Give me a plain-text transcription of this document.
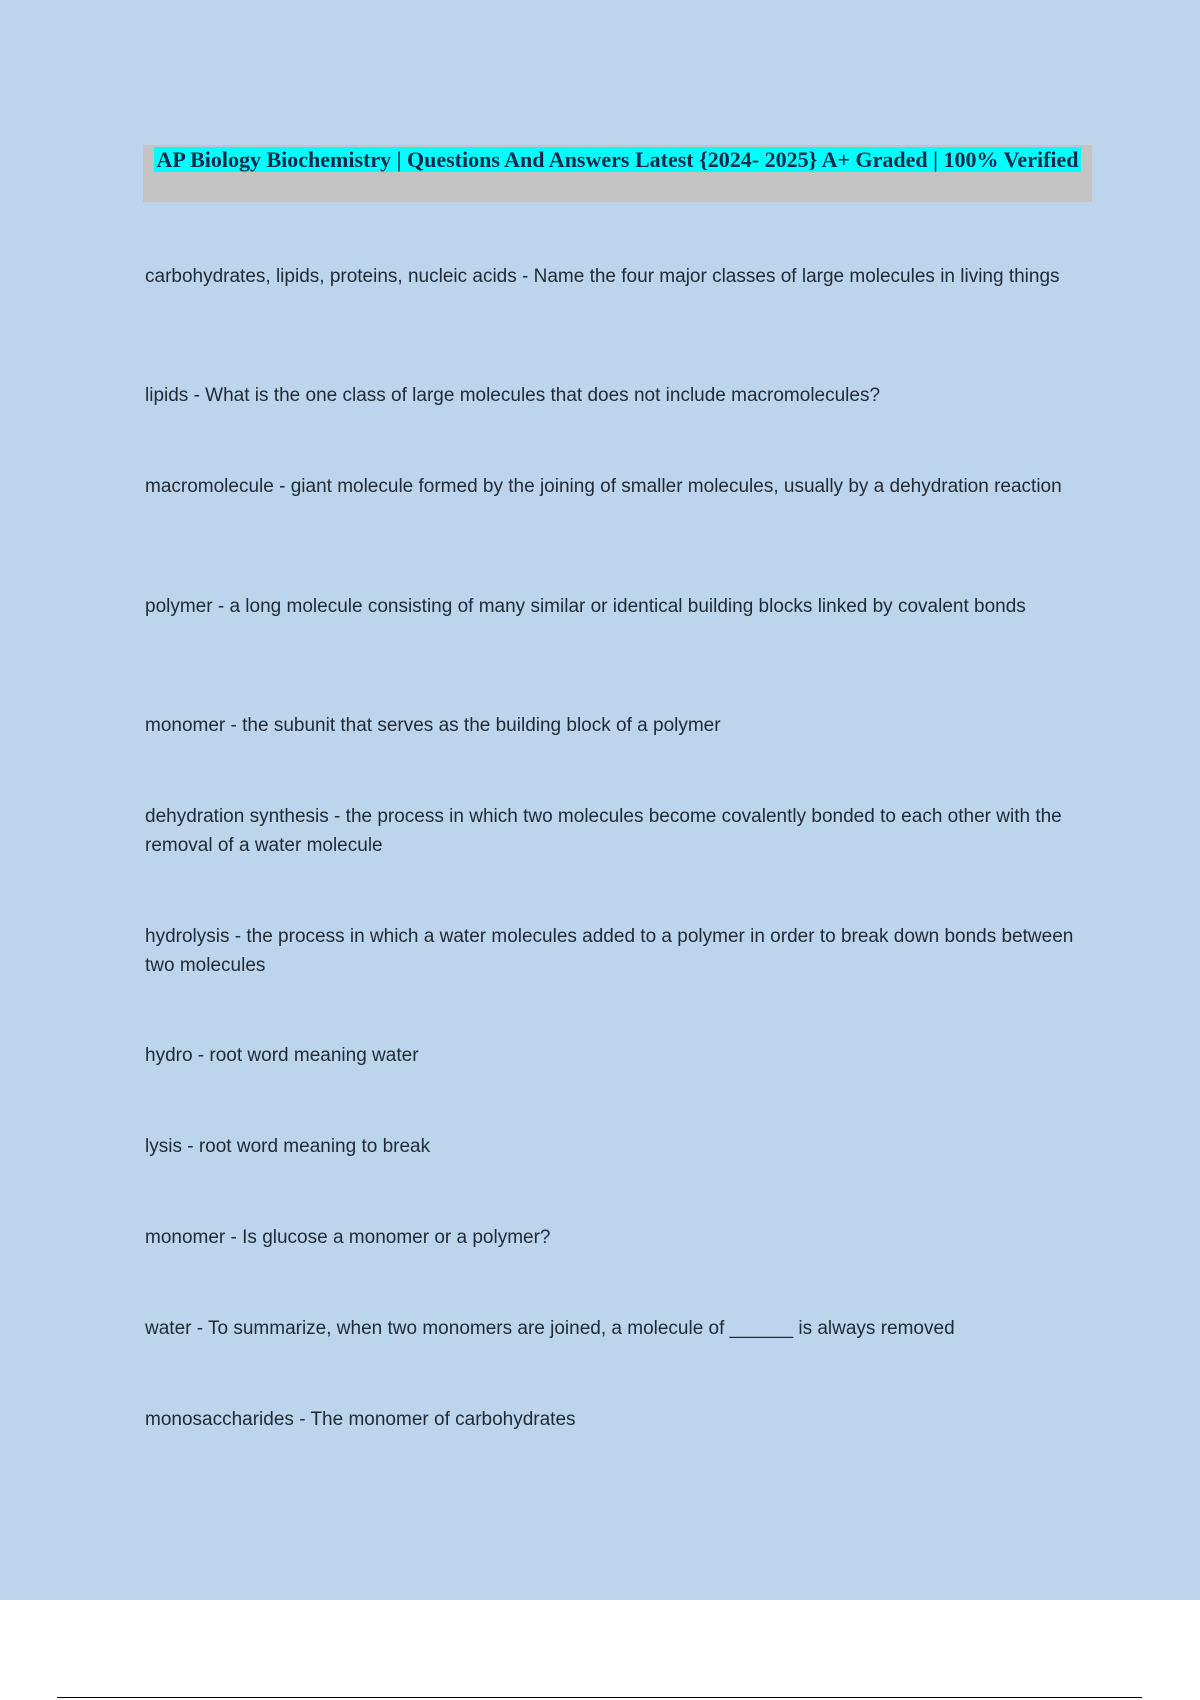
AP Biology Biochemistry | Questions And Answers Latest {2024- 2025} A+ Graded | 100% Verified
carbohydrates, lipids, proteins, nucleic acids - Name the four major classes of large molecules in living things
lipids - What is the one class of large molecules that does not include macromolecules?
macromolecule - giant molecule formed by the joining of smaller molecules, usually by a dehydration reaction
polymer - a long molecule consisting of many similar or identical building blocks linked by covalent bonds
monomer - the subunit that serves as the building block of a polymer
dehydration synthesis - the process in which two molecules become covalently bonded to each other with the removal of a water molecule
hydrolysis - the process in which a water molecules added to a polymer in order to break down bonds between two molecules
hydro - root word meaning water
lysis - root word meaning to break
monomer - Is glucose a monomer or a polymer?
water - To summarize, when two monomers are joined, a molecule of ______ is always removed
monosaccharides - The monomer of carbohydrates
